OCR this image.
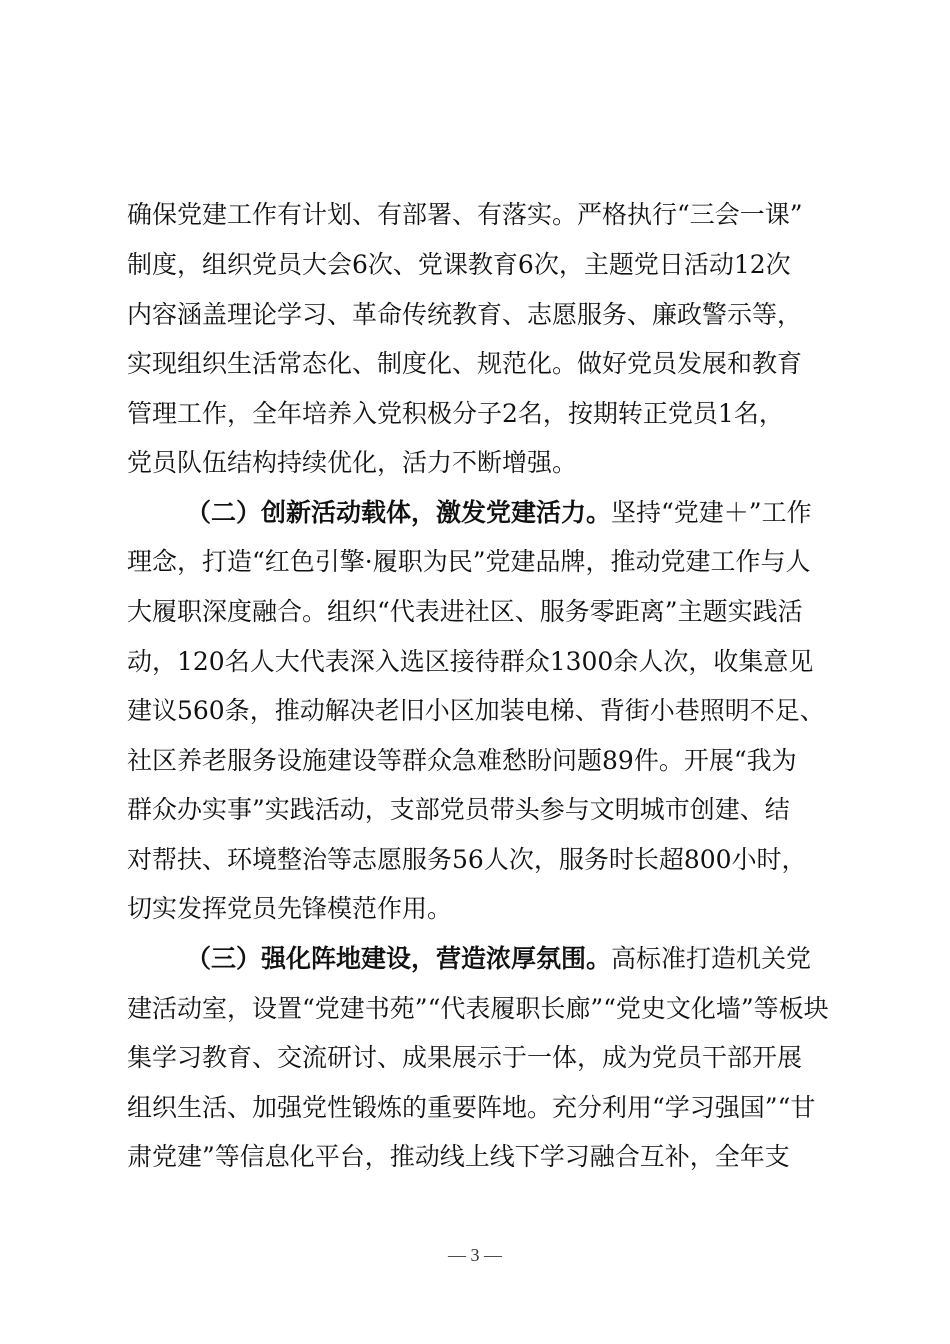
确保党建工作有计划、有部署、有落实。严格执行“三会一课”
制度，组织党员大会6次、党课教育6次，主题党日活动12次
内容涵盖理论学习、革命传统教育、志愿服务、廉政警示等，
实现组织生活常态化、制度化、规范化。做好党员发展和教育
管理工作，全年培养入党积极分子2名，按期转正党员1名，
党员队伍结构持续优化，活力不断增强。
（二）创新活动载体，激发党建活力。坚持“党建＋”工作
理念，打造“红色引擎·履职为民”党建品牌，推动党建工作与人
大履职深度融合。组织“代表进社区、服务零距离”主题实践活
动，120名人大代表深入选区接待群众1300余人次，收集意见
建议560条，推动解决老旧小区加装电梯、背街小巷照明不足、
社区养老服务设施建设等群众急难愁盼问题89件。开展“我为
群众办实事”实践活动，支部党员带头参与文明城市创建、结
对帮扶、环境整治等志愿服务56人次，服务时长超800小时，
切实发挥党员先锋模范作用。
（三）强化阵地建设，营造浓厚氛围。高标准打造机关党
建活动室，设置“党建书苑”“代表履职长廊”“党史文化墙”等板块
集学习教育、交流研讨、成果展示于一体，成为党员干部开展
组织生活、加强党性锻炼的重要阵地。充分利用“学习强国”“甘
肃党建”等信息化平台，推动线上线下学习融合互补，全年支
— 3 —
